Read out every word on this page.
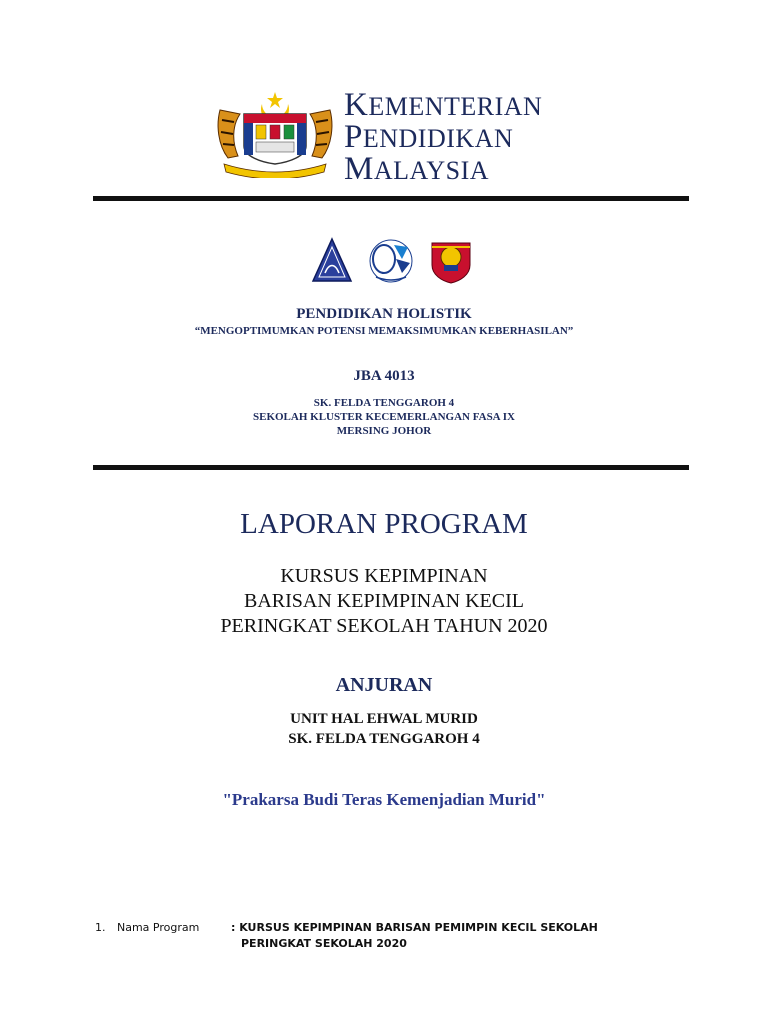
KEMENTERIAN
PENDIDIKAN
MALAYSIA
PENDIDIKAN HOLISTIK
“MENGOPTIMUMKAN POTENSI MEMAKSIMUMKAN KEBERHASILAN”
JBA 4013
SK. FELDA TENGGAROH 4
SEKOLAH KLUSTER KECEMERLANGAN FASA IX
MERSING JOHOR
LAPORAN PROGRAM
KURSUS KEPIMPINAN
BARISAN KEPIMPINAN KECIL
PERINGKAT SEKOLAH TAHUN 2020
ANJURAN
UNIT HAL EHWAL MURID
SK. FELDA TENGGAROH 4
"Prakarsa Budi Teras Kemenjadian Murid"
1. Nama Program	: KURSUS KEPIMPINAN BARISAN PEMIMPIN KECIL SEKOLAH
PERINGKAT SEKOLAH 2020
